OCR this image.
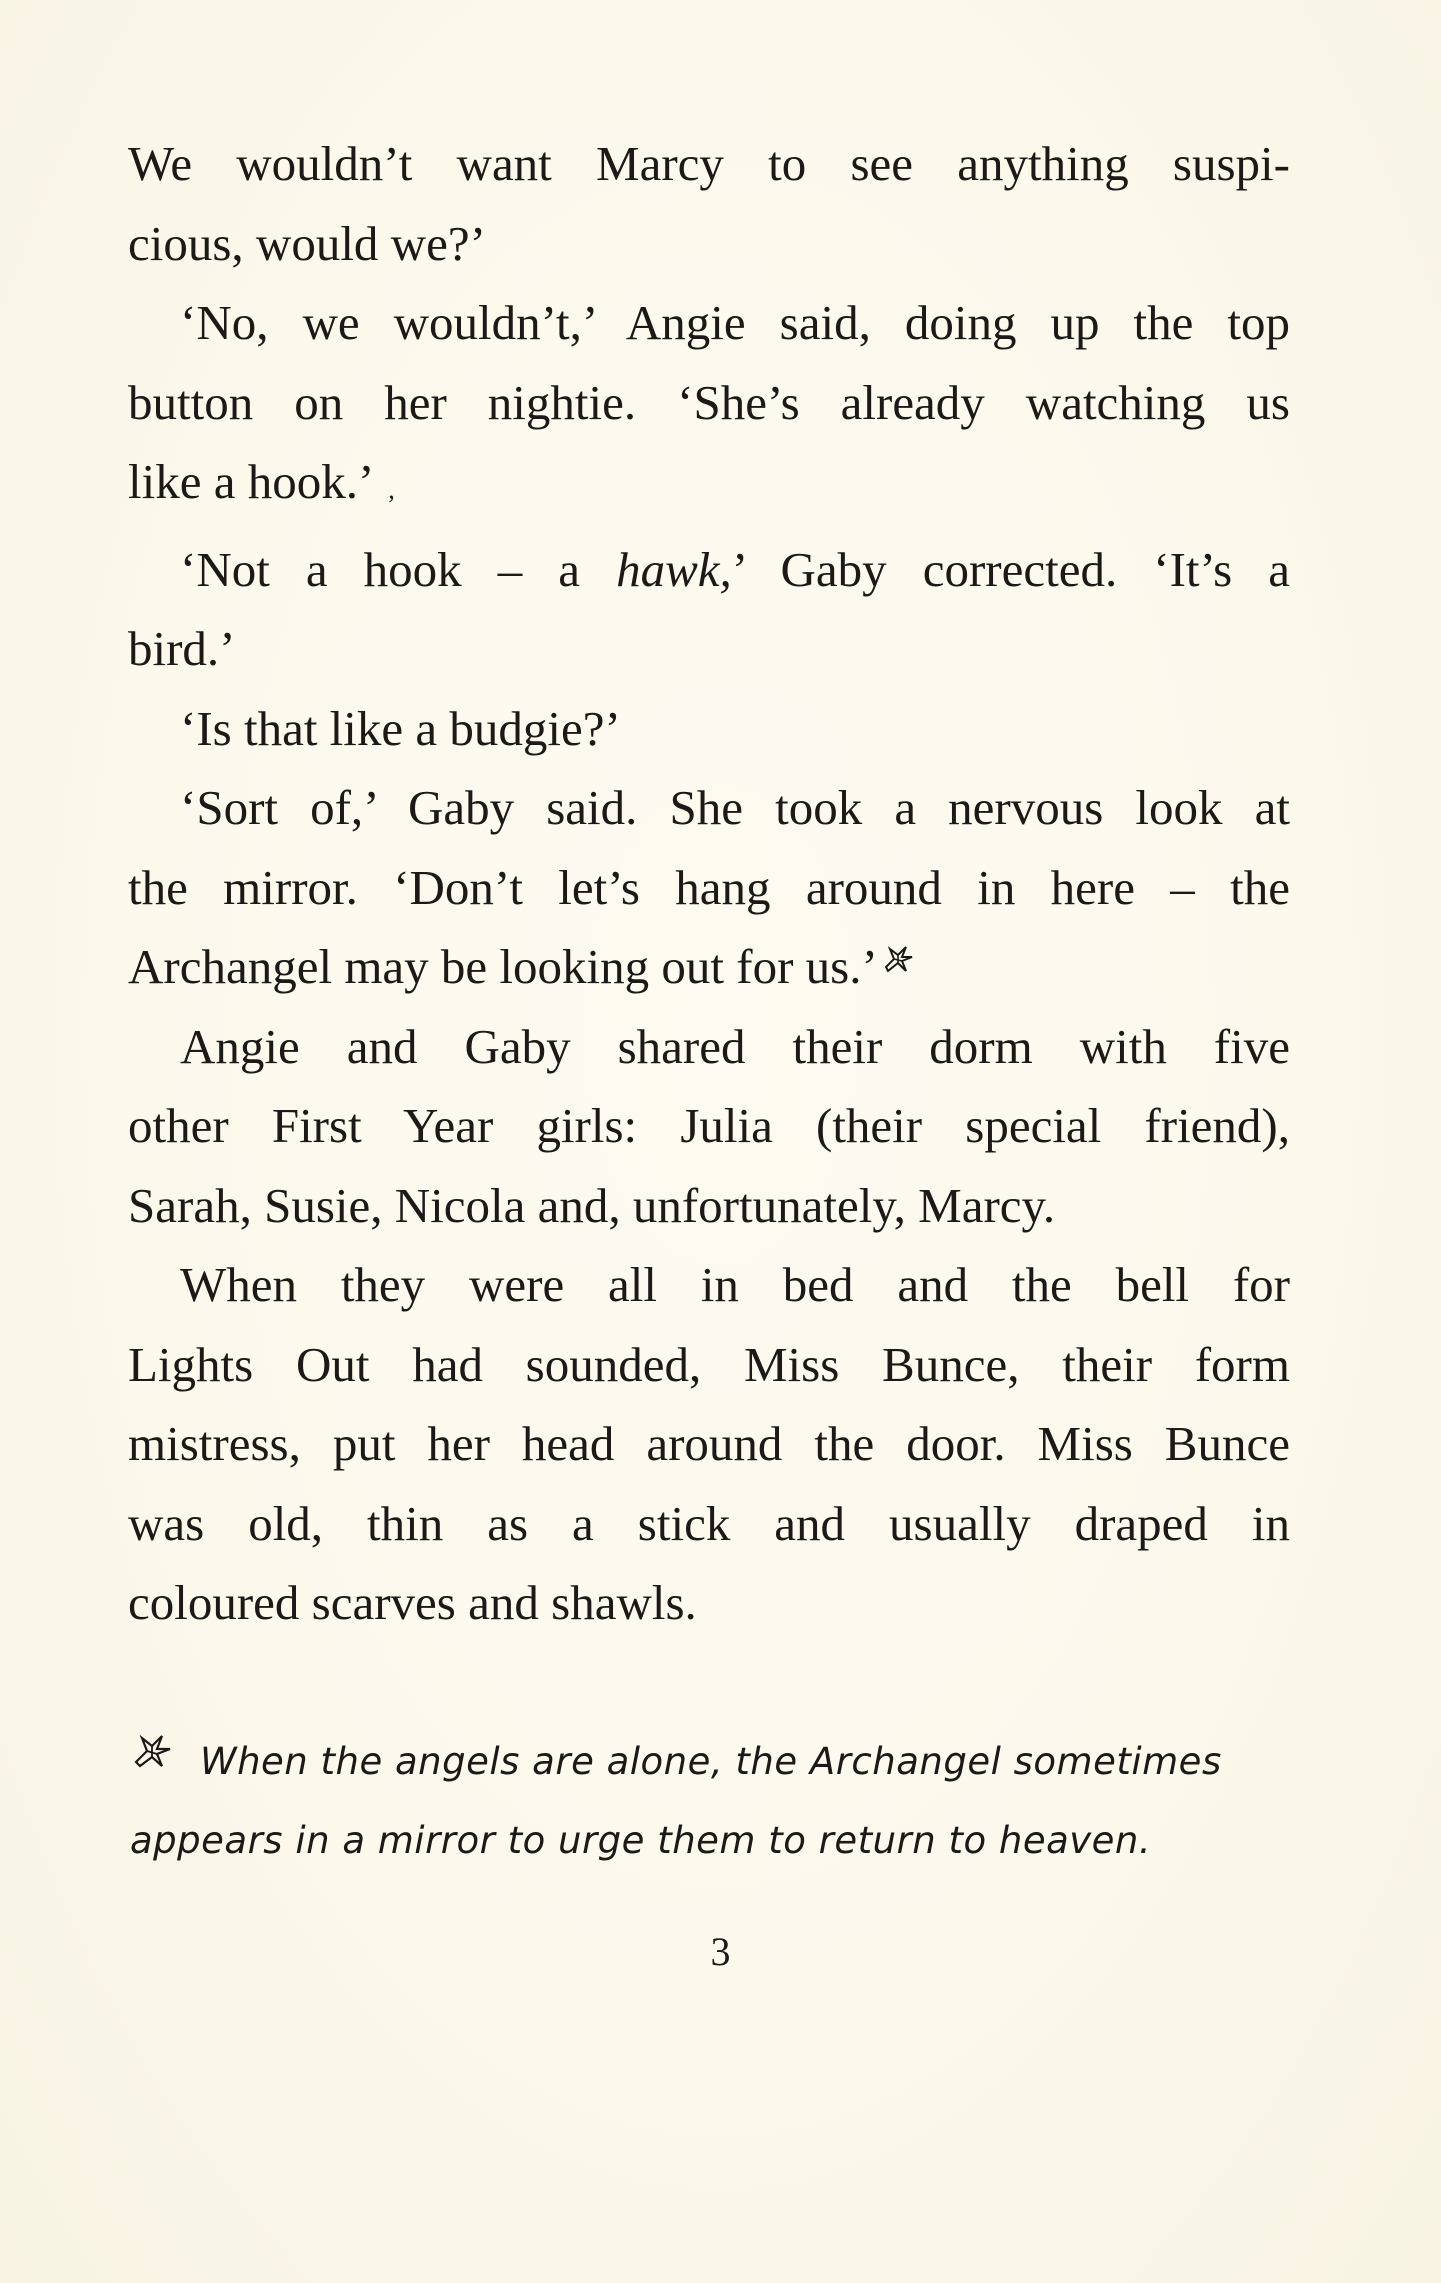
We wouldn’t want Marcy to see anything suspi-
cious, would we?’

‘No, we wouldn’t,’ Angie said, doing up the top
button on her nightie. ‘She’s already watching us
like a hook.’ ,

‘Not a hook – a hawk,’ Gaby corrected. ‘It’s a
bird.’

‘Is that like a budgie?’

‘Sort of,’ Gaby said. She took a nervous look at
the mirror. ‘Don’t let’s hang around in here – the
Archangel may be looking out for us.’

Angie and Gaby shared their dorm with five
other First Year girls: Julia (their special friend),
Sarah, Susie, Nicola and, unfortunately, Marcy.

When they were all in bed and the bell for
Lights Out had sounded, Miss Bunce, their form
mistress, put her head around the door. Miss Bunce
was old, thin as a stick and usually draped in
coloured scarves and shawls.

When the angels are alone, the Archangel sometimes
appears in a mirror to urge them to return to heaven.
3
